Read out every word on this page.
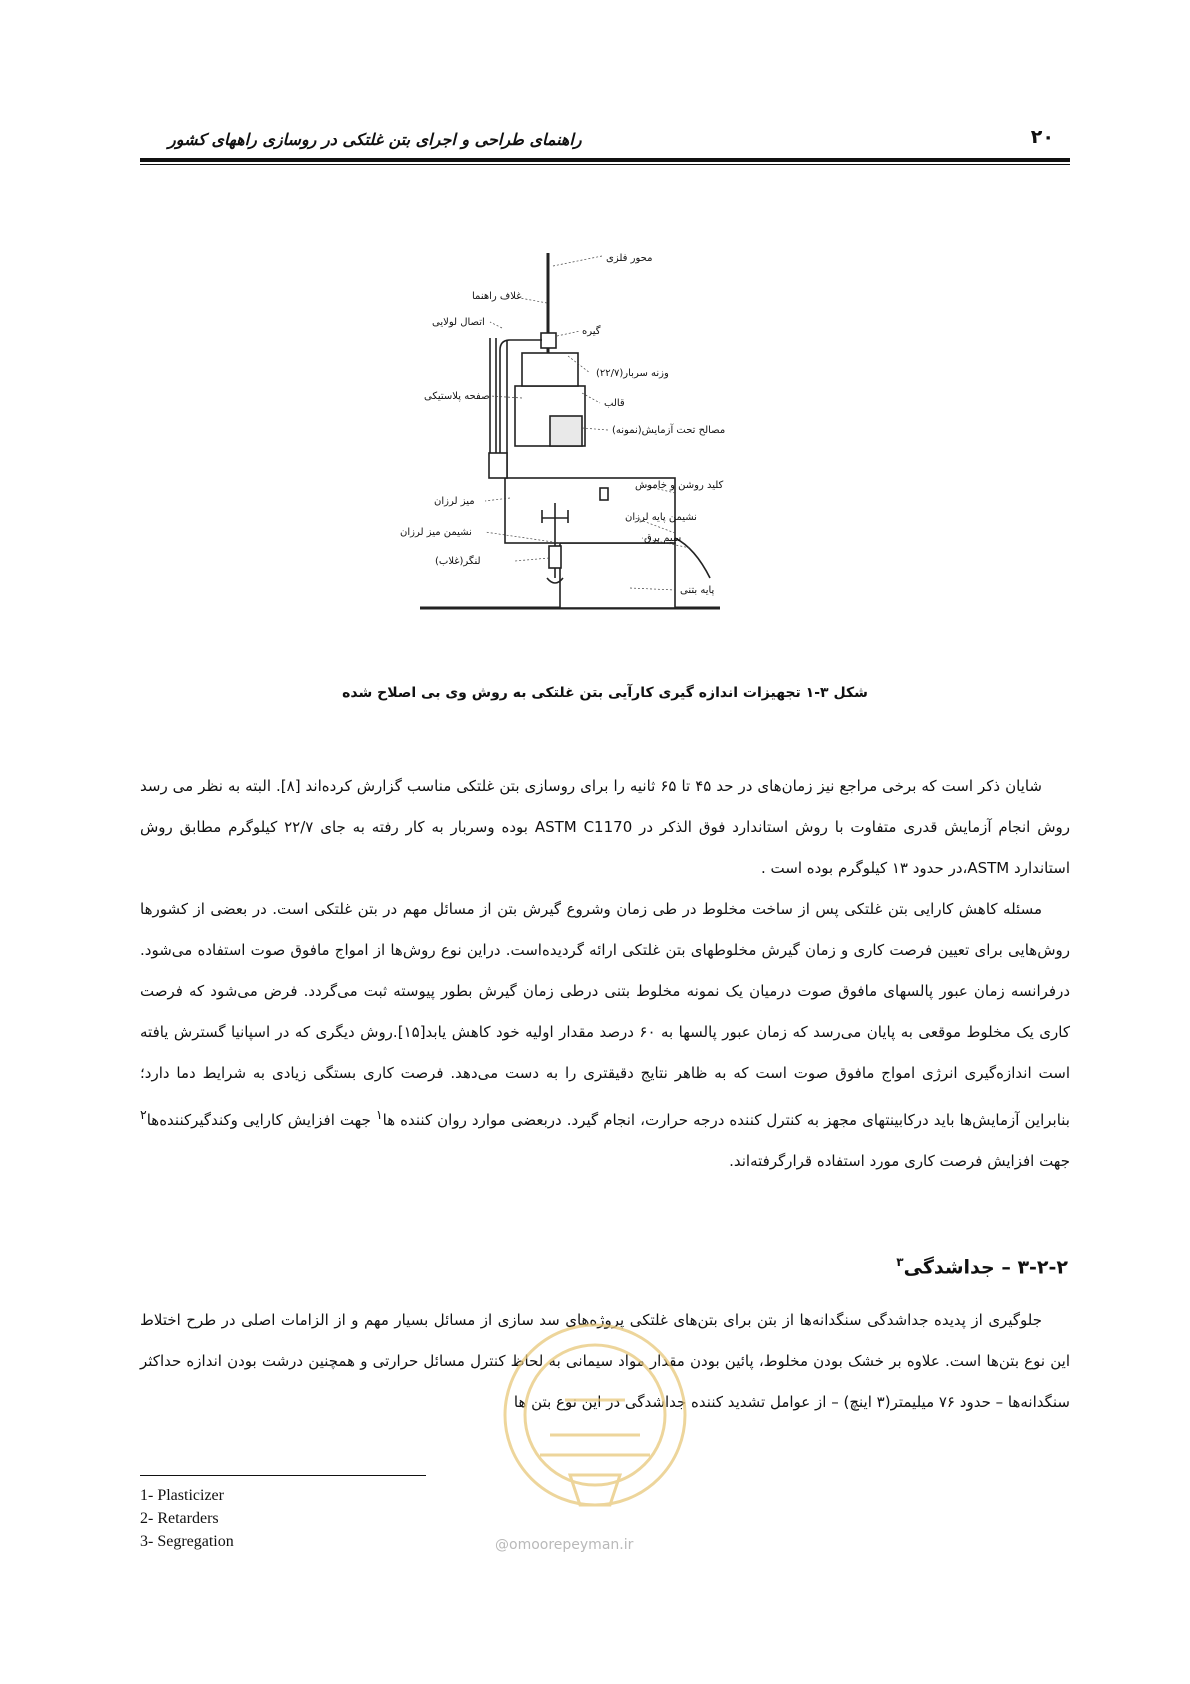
۲۰
راهنمای طراحی و اجرای بتن غلتکی در روسازی راههای کشور
محور فلزی
غلاف راهنما
اتصال لولایی
گیره
وزنه سربار(۲۲/۷)
صفحه پلاستیکی
قالب
مصالح تحت آزمایش(نمونه)
کلید روشن و خاموش
میز لرزان
نشیمن پایه لرزان
نشیمن میز لرزان
سیم برق
لنگر(غلاب)
پایه بتنی
شکل ۳-۱ تجهیزات اندازه گیری کارآیی بتن غلتکی به روش وی بی اصلاح شده

شایان ذکر است که برخی مراجع نیز زمان‌های در حد ۴۵ تا ۶۵ ثانیه را برای روسازی بتن غلتکی مناسب گزارش کرده‌اند [۸]. البته به نظر می رسد روش انجام آزمایش قدری متفاوت با روش استاندارد فوق الذکر در ASTM C1170 بوده وسربار به کار رفته به جای ۲۲/۷ کیلوگرم مطابق روش استاندارد ASTM،در حدود ۱۳ کیلوگرم بوده است .

مسئله کاهش کارایی بتن غلتکی پس از ساخت مخلوط در طی زمان وشروع گیرش بتن از مسائل مهم در بتن غلتکی است. در بعضی از کشورها روش‌هایی برای تعیین فرصت کاری و زمان گیرش مخلوطهای بتن غلتکی ارائه گردیده‌است. دراین نوع روش‌ها از امواج مافوق صوت استفاده می‌شود. درفرانسه زمان عبور پالسهای مافوق صوت درمیان یک نمونه مخلوط بتنی درطی زمان گیرش بطور پیوسته ثبت می‌گردد. فرض می‌شود که فرصت کاری یک مخلوط موقعی به پایان می‌رسد که زمان عبور پالسها به ۶۰ درصد مقدار اولیه خود کاهش یابد[۱۵].روش دیگری که در اسپانیا گسترش یافته است اندازه‌گیری انرژی امواج مافوق صوت است که به ظاهر نتایج دقیقتری را به دست می‌دهد. فرصت کاری بستگی زیادی به شرایط دما دارد؛ بنابراین آزمایش‌ها باید درکابینتهای مجهز به کنترل کننده درجه حرارت، انجام گیرد. دربعضی موارد روان کننده ها$^۱$ جهت افزایش کارایی وکندگیرکننده‌ها$^۲$ جهت افزایش فرصت کاری مورد استفاده قرارگرفته‌اند.

۳-۲-۲ – جداشدگی$^۳$

جلوگیری از پدیده جداشدگی سنگدانه‌ها از بتن برای بتن‌های غلتکی پروژه‌های سد سازی از مسائل بسیار مهم و از الزامات اصلی در طرح اختلاط این نوع بتن‌ها است. علاوه بر خشک بودن مخلوط، پائین بودن مقدار مواد سیمانی به لحاظ کنترل مسائل حرارتی و همچنین درشت بودن اندازه حداکثر سنگدانه‌ها – حدود ۷۶ میلیمتر(۳ اینچ) – از عوامل تشدید کننده جداشدگی در این نوع بتن ها

@omoorepeyman.ir
1- Plasticizer
2- Retarders
3- Segregation
